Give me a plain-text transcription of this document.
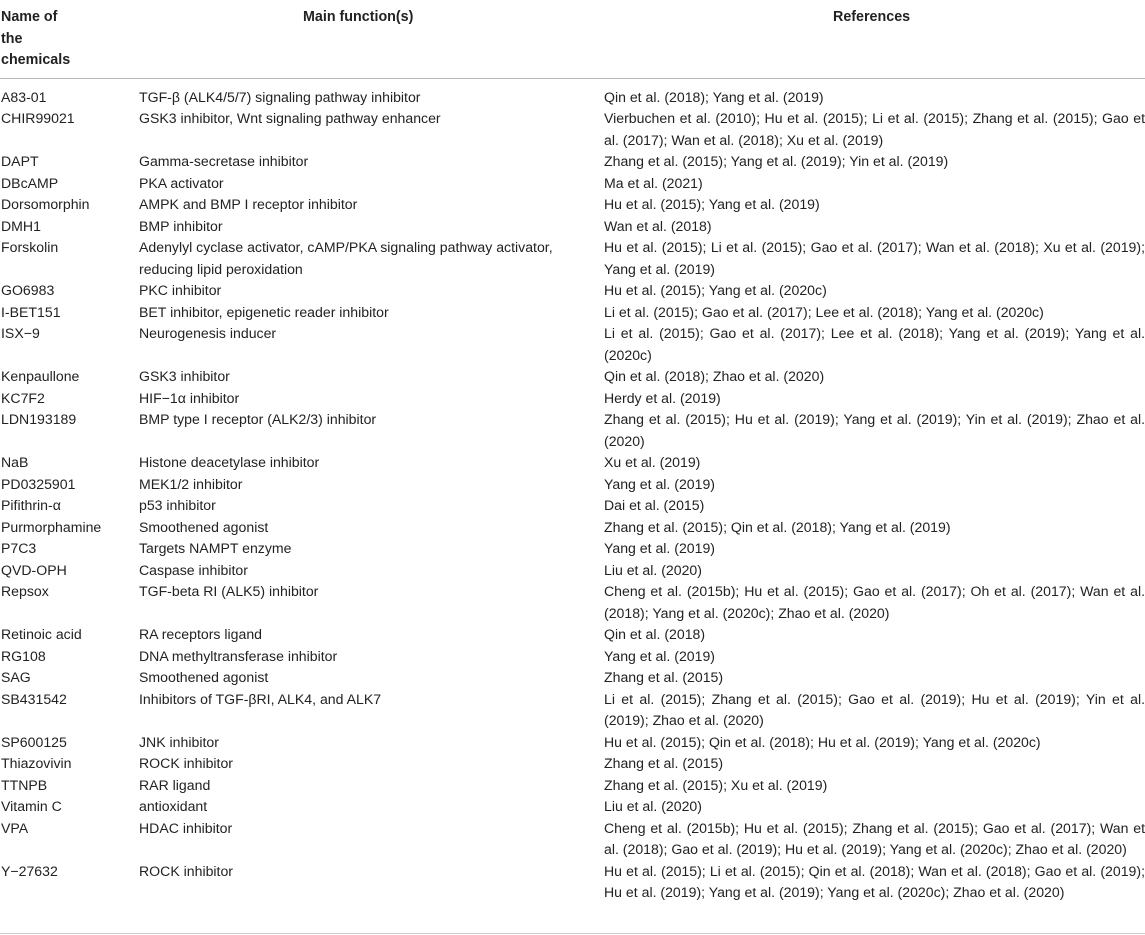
Name of the chemicals	Main function(s)	References
A83-01	TGF-β (ALK4/5/7) signaling pathway inhibitor	Qin et al. (2018); Yang et al. (2019)
CHIR99021	GSK3 inhibitor, Wnt signaling pathway enhancer	Vierbuchen et al. (2010); Hu et al. (2015); Li et al. (2015); Zhang et al. (2015); Gao et al. (2017); Wan et al. (2018); Xu et al. (2019)
DAPT	Gamma-secretase inhibitor	Zhang et al. (2015); Yang et al. (2019); Yin et al. (2019)
DBcAMP	PKA activator	Ma et al. (2021)
Dorsomorphin	AMPK and BMP I receptor inhibitor	Hu et al. (2015); Yang et al. (2019)
DMH1	BMP inhibitor	Wan et al. (2018)
Forskolin	Adenylyl cyclase activator, cAMP/PKA signaling pathway activator, reducing lipid peroxidation	Hu et al. (2015); Li et al. (2015); Gao et al. (2017); Wan et al. (2018); Xu et al. (2019); Yang et al. (2019)
GO6983	PKC inhibitor	Hu et al. (2015); Yang et al. (2020c)
I-BET151	BET inhibitor, epigenetic reader inhibitor	Li et al. (2015); Gao et al. (2017); Lee et al. (2018); Yang et al. (2020c)
ISX−9	Neurogenesis inducer	Li et al. (2015); Gao et al. (2017); Lee et al. (2018); Yang et al. (2019); Yang et al. (2020c)
Kenpaullone	GSK3 inhibitor	Qin et al. (2018); Zhao et al. (2020)
KC7F2	HIF−1α inhibitor	Herdy et al. (2019)
LDN193189	BMP type I receptor (ALK2/3) inhibitor	Zhang et al. (2015); Hu et al. (2019); Yang et al. (2019); Yin et al. (2019); Zhao et al. (2020)
NaB	Histone deacetylase inhibitor	Xu et al. (2019)
PD0325901	MEK1/2 inhibitor	Yang et al. (2019)
Pifithrin-α	p53 inhibitor	Dai et al. (2015)
Purmorphamine	Smoothened agonist	Zhang et al. (2015); Qin et al. (2018); Yang et al. (2019)
P7C3	Targets NAMPT enzyme	Yang et al. (2019)
QVD-OPH	Caspase inhibitor	Liu et al. (2020)
Repsox	TGF-beta RI (ALK5) inhibitor	Cheng et al. (2015b); Hu et al. (2015); Gao et al. (2017); Oh et al. (2017); Wan et al. (2018); Yang et al. (2020c); Zhao et al. (2020)
Retinoic acid	RA receptors ligand	Qin et al. (2018)
RG108	DNA methyltransferase inhibitor	Yang et al. (2019)
SAG	Smoothened agonist	Zhang et al. (2015)
SB431542	Inhibitors of TGF-βRI, ALK4, and ALK7	Li et al. (2015); Zhang et al. (2015); Gao et al. (2019); Hu et al. (2019); Yin et al. (2019); Zhao et al. (2020)
SP600125	JNK inhibitor	Hu et al. (2015); Qin et al. (2018); Hu et al. (2019); Yang et al. (2020c)
Thiazovivin	ROCK inhibitor	Zhang et al. (2015)
TTNPB	RAR ligand	Zhang et al. (2015); Xu et al. (2019)
Vitamin C	antioxidant	Liu et al. (2020)
VPA	HDAC inhibitor	Cheng et al. (2015b); Hu et al. (2015); Zhang et al. (2015); Gao et al. (2017); Wan et al. (2018); Gao et al. (2019); Hu et al. (2019); Yang et al. (2020c); Zhao et al. (2020)
Y−27632	ROCK inhibitor	Hu et al. (2015); Li et al. (2015); Qin et al. (2018); Wan et al. (2018); Gao et al. (2019); Hu et al. (2019); Yang et al. (2019); Yang et al. (2020c); Zhao et al. (2020)
